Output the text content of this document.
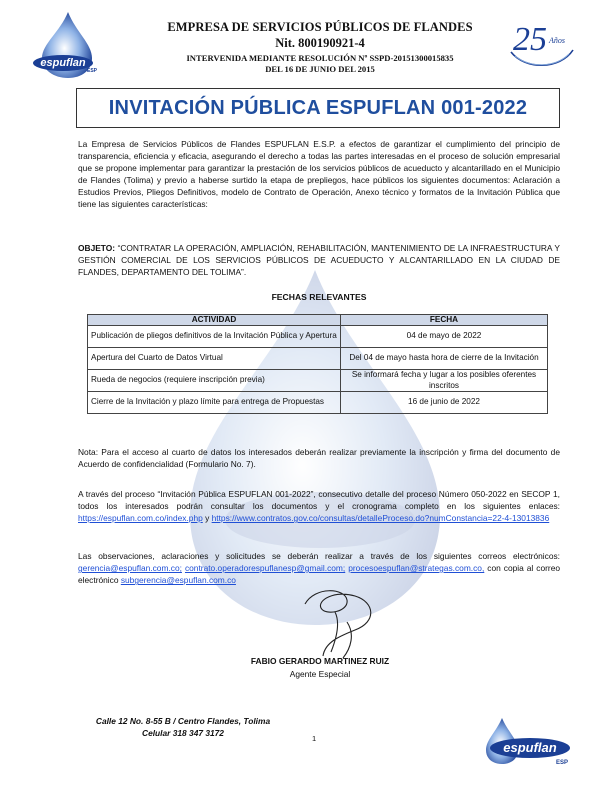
espuflan
ESP
EMPRESA DE SERVICIOS PÚBLICOS DE FLANDES
Nit. 800190921-4
INTERVENIDA MEDIANTE RESOLUCIÓN Nº SSPD-20151300015835
DEL 16 DE JUNIO DEL 2015
25 Años
INVITACIÓN PÚBLICA ESPUFLAN 001-2022

La Empresa de Servicios Públicos de Flandes ESPUFLAN E.S.P. a efectos de garantizar el cumplimiento del principio de transparencia, eficiencia y eficacia, asegurando el derecho a todas las partes interesadas en el proceso de solución empresarial que se propone implementar para garantizar la prestación de los servicios públicos de acueducto y alcantarillado en el Municipio de Flandes (Tolima) y previo a haberse surtido la etapa de prepliegos, hace públicos los siguientes documentos: Aclaración a Estudios Previos, Pliegos Definitivos, modelo de Contrato de Operación, Anexo técnico y formatos de la Invitación Pública que tiene las siguientes características:

OBJETO: “CONTRATAR LA OPERACIÓN, AMPLIACIÓN, REHABILITACIÓN, MANTENIMIENTO DE LA INFRAESTRUCTURA Y GESTIÓN COMERCIAL DE LOS SERVICIOS PÚBLICOS DE ACUEDUCTO Y ALCANTARILLADO EN LA CIUDAD DE FLANDES, DEPARTAMENTO DEL TOLIMA”.

FECHAS RELEVANTES
ACTIVIDAD	FECHA
Publicación de pliegos definitivos de la Invitación Pública y Apertura	04 de mayo de 2022
Apertura del Cuarto de Datos Virtual	Del 04 de mayo hasta hora de cierre de la Invitación
Rueda de negocios (requiere inscripción previa)	Se informará fecha y lugar a los posibles oferentes inscritos
Cierre de la Invitación y plazo límite para entrega de Propuestas	16 de junio de 2022

Nota: Para el acceso al cuarto de datos los interesados deberán realizar previamente la inscripción y firma del documento de Acuerdo de confidencialidad (Formulario No. 7).

A través del proceso “Invitación Pública ESPUFLAN 001-2022”, consecutivo detalle del proceso Número 050-2022 en SECOP 1, todos los interesados podrán consultar los documentos y el cronograma completo en los siguientes enlaces: https://espuflan.com.co/index.php y https://www.contratos.gov.co/consultas/detalleProceso.do?numConstancia=22-4-13013836

Las observaciones, aclaraciones y solicitudes se deberán realizar a través de los siguientes correos electrónicos: gerencia@espuflan.com.co; contrato.operadorespuflanesp@gmail.com; procesoespuflan@strategas.com.co, con copia al correo electrónico subgerencia@espuflan.com.co

FABIO GERARDO MARTINEZ RUIZ
Agente Especial
Calle 12 No. 8-55 B / Centro Flandes, Tolima
Celular 318 347 3172
1
espuflan
ESP
